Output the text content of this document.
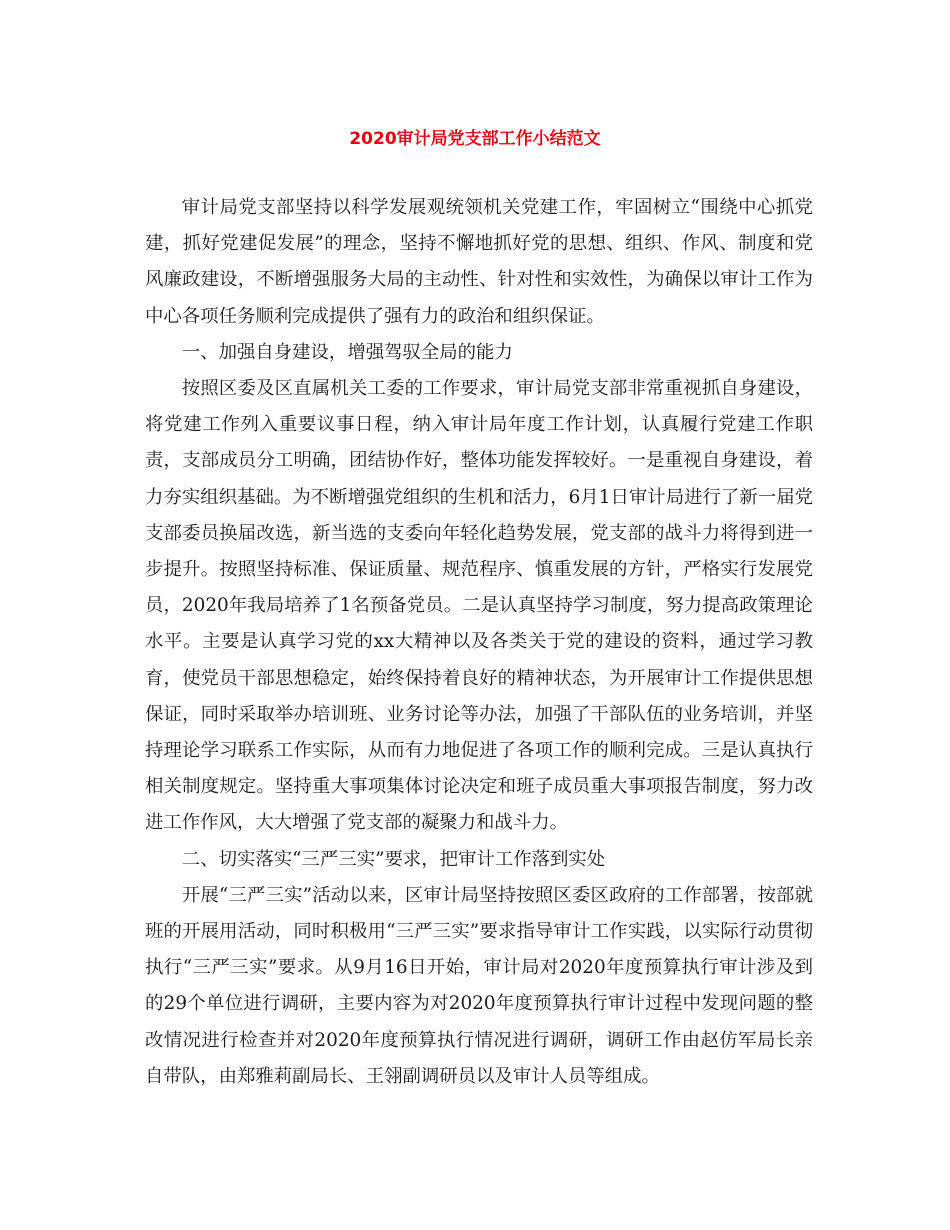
2020审计局党支部工作小结范文

审计局党支部坚持以科学发展观统领机关党建工作，牢固树立“围绕中心抓党建，抓好党建促发展”的理念，坚持不懈地抓好党的思想、组织、作风、制度和党风廉政建设，不断增强服务大局的主动性、针对性和实效性，为确保以审计工作为中心各项任务顺利完成提供了强有力的政治和组织保证。

一、加强自身建设，增强驾驭全局的能力

按照区委及区直属机关工委的工作要求，审计局党支部非常重视抓自身建设，将党建工作列入重要议事日程，纳入审计局年度工作计划，认真履行党建工作职责，支部成员分工明确，团结协作好，整体功能发挥较好。一是重视自身建设，着力夯实组织基础。为不断增强党组织的生机和活力，6月1日审计局进行了新一届党支部委员换届改选，新当选的支委向年轻化趋势发展，党支部的战斗力将得到进一步提升。按照坚持标准、保证质量、规范程序、慎重发展的方针，严格实行发展党员，2020年我局培养了1名预备党员。二是认真坚持学习制度，努力提高政策理论水平。主要是认真学习党的xx大精神以及各类关于党的建设的资料，通过学习教育，使党员干部思想稳定，始终保持着良好的精神状态，为开展审计工作提供思想保证，同时采取举办培训班、业务讨论等办法，加强了干部队伍的业务培训，并坚持理论学习联系工作实际，从而有力地促进了各项工作的顺利完成。三是认真执行相关制度规定。坚持重大事项集体讨论决定和班子成员重大事项报告制度，努力改进工作作风，大大增强了党支部的凝聚力和战斗力。

二、切实落实“三严三实”要求，把审计工作落到实处

开展“三严三实”活动以来，区审计局坚持按照区委区政府的工作部署，按部就班的开展用活动，同时积极用“三严三实”要求指导审计工作实践，以实际行动贯彻执行“三严三实”要求。从9月16日开始，审计局对2020年度预算执行审计涉及到的29个单位进行调研，主要内容为对2020年度预算执行审计过程中发现问题的整改情况进行检查并对2020年度预算执行情况进行调研，调研工作由赵仿军局长亲自带队，由郑雅莉副局长、王翎副调研员以及审计人员等组成。
